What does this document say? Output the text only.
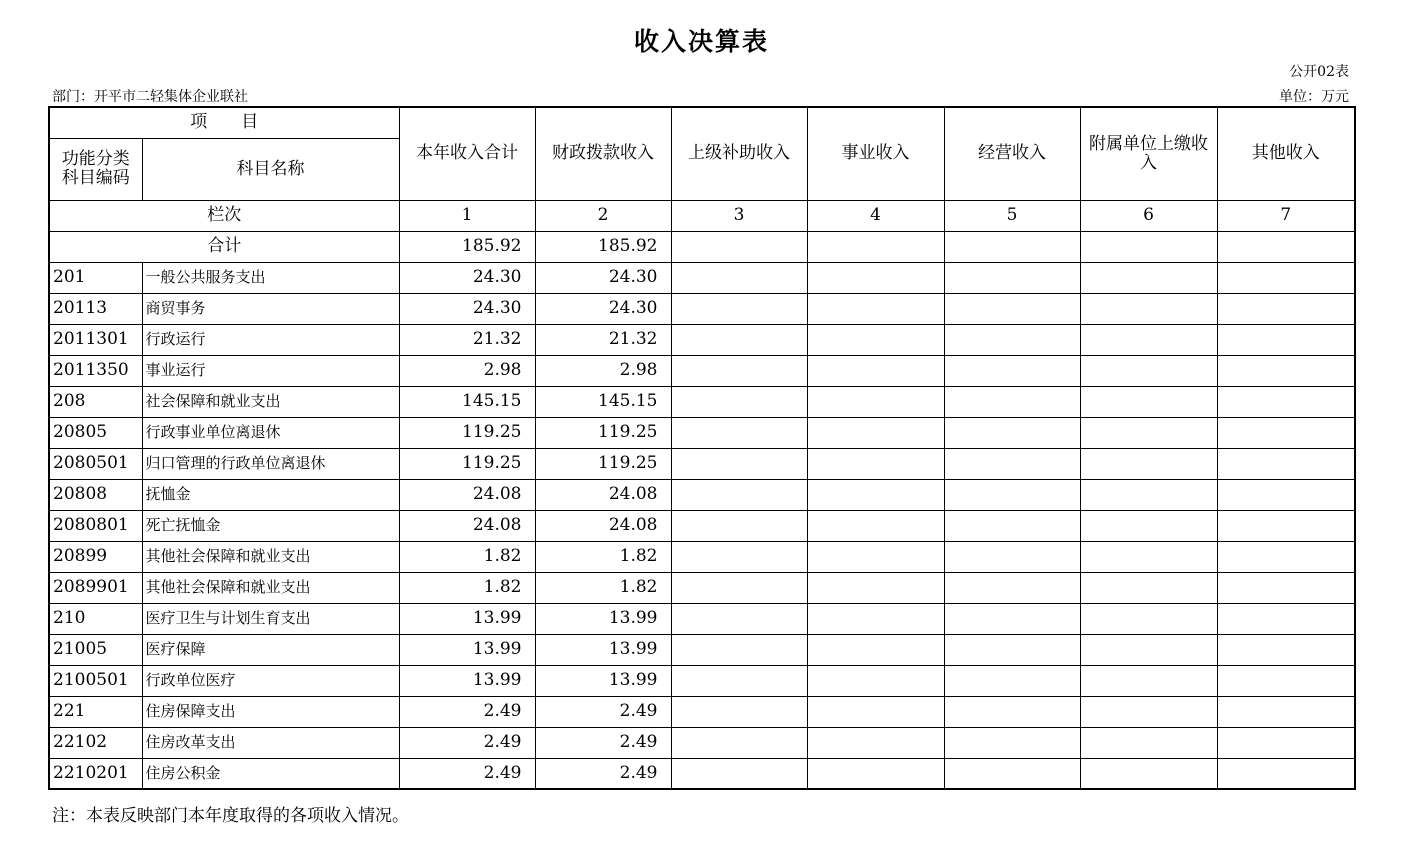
收入决算表
公开02表
部门：开平市二轻集体企业联社	单位：万元
项　　目		本年收入合计	财政拨款收入	上级补助收入	事业收入	经营收入	附属单位上缴收入	其他收入
功能分类科目编码	科目名称							
栏次		1	2	3	4	5	6	7
合计		185.92	185.92					
201	一般公共服务支出	24.30	24.30					
20113	商贸事务	24.30	24.30					
2011301	行政运行	21.32	21.32					
2011350	事业运行	2.98	2.98					
208	社会保障和就业支出	145.15	145.15					
20805	行政事业单位离退休	119.25	119.25					
2080501	归口管理的行政单位离退休	119.25	119.25					
20808	抚恤金	24.08	24.08					
2080801	死亡抚恤金	24.08	24.08					
20899	其他社会保障和就业支出	1.82	1.82					
2089901	其他社会保障和就业支出	1.82	1.82					
210	医疗卫生与计划生育支出	13.99	13.99					
21005	医疗保障	13.99	13.99					
2100501	行政单位医疗	13.99	13.99					
221	住房保障支出	2.49	2.49					
22102	住房改革支出	2.49	2.49					
2210201	住房公积金	2.49	2.49					
注：本表反映部门本年度取得的各项收入情况。
